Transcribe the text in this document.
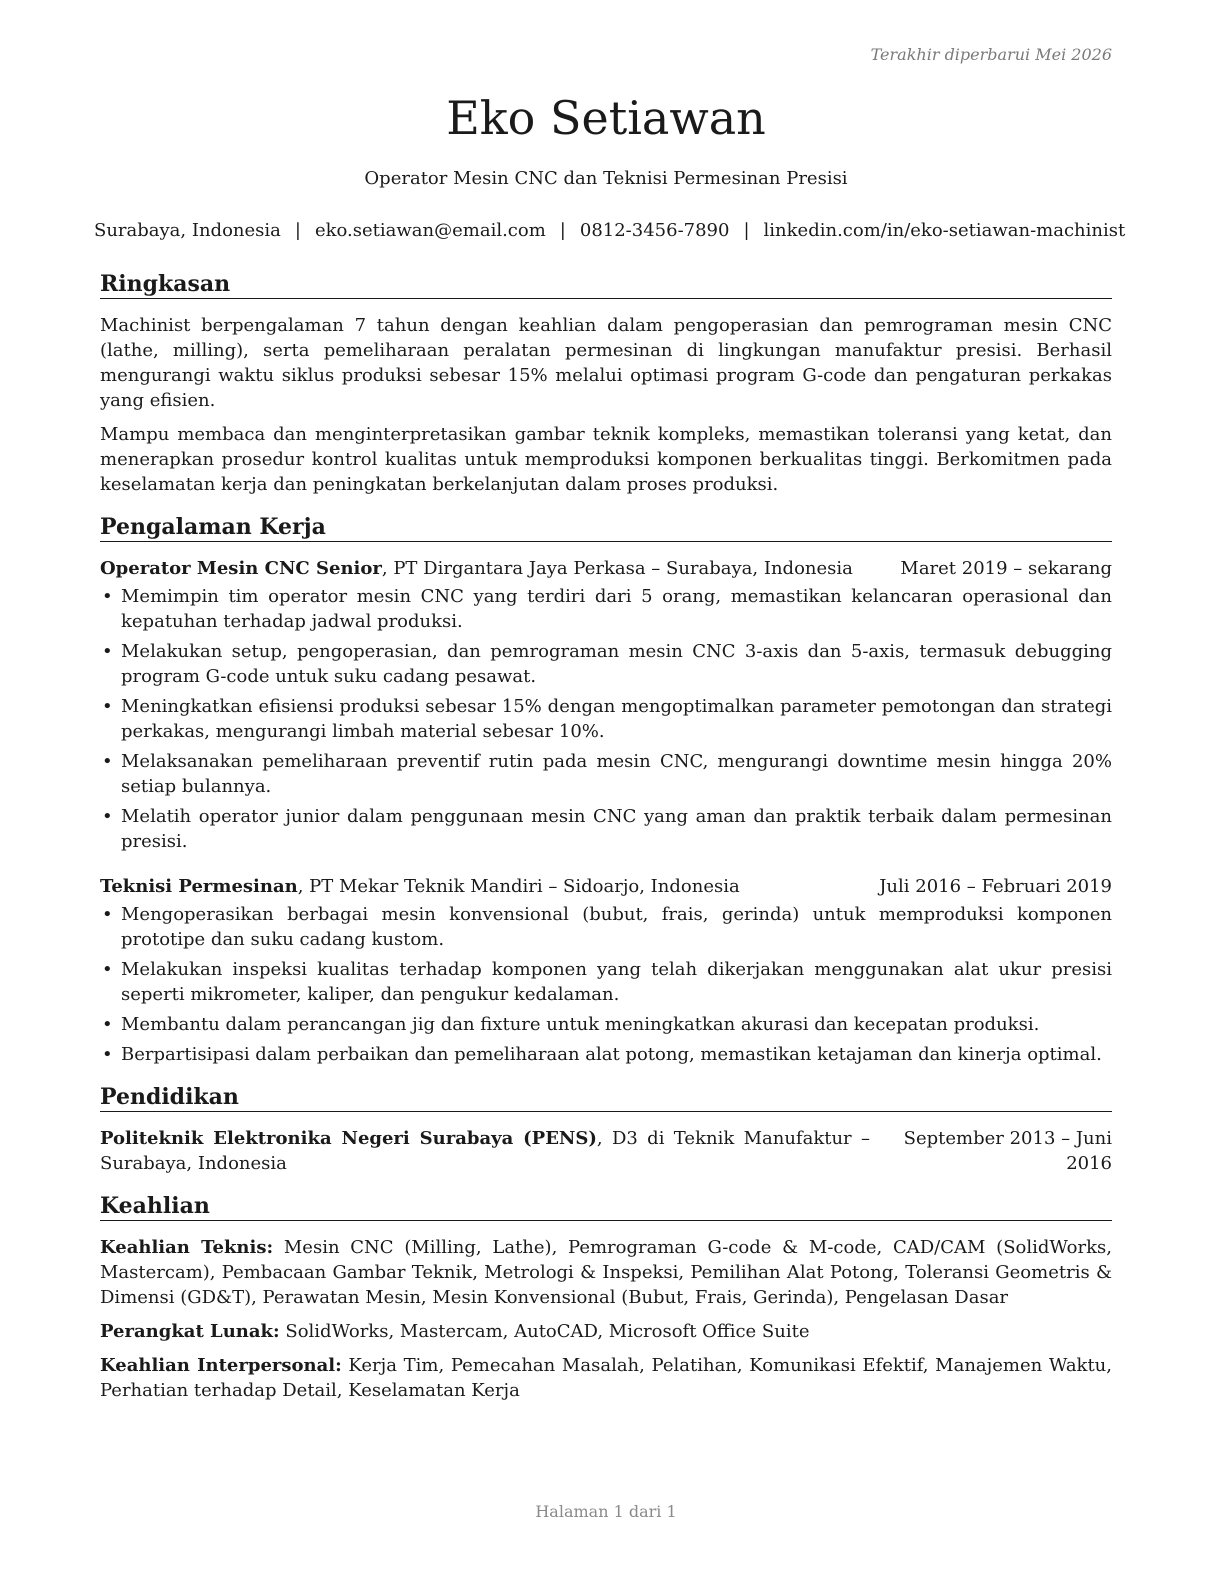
Terakhir diperbarui Mei 2026
Eko Setiawan
Operator Mesin CNC dan Teknisi Permesinan Presisi
Surabaya, Indonesia | eko.setiawan@email.com | 0812-3456-7890 | linkedin.com/in/eko-setiawan-machinist
Ringkasan

Machinist berpengalaman 7 tahun dengan keahlian dalam pengoperasian dan pemrograman mesin CNC (lathe, milling), serta pemeliharaan peralatan permesinan di lingkungan manufaktur presisi. Berhasil mengurangi waktu siklus produksi sebesar 15% melalui optimasi program G-code dan pengaturan perkakas yang efisien.

Mampu membaca dan menginterpretasikan gambar teknik kompleks, memastikan toleransi yang ketat, dan menerapkan prosedur kontrol kualitas untuk memproduksi komponen berkualitas tinggi. Berkomitmen pada keselamatan kerja dan peningkatan berkelanjutan dalam proses produksi.

Pengalaman Kerja
Operator Mesin CNC Senior, PT Dirgantara Jaya Perkasa – Surabaya, Indonesia	Maret 2019 – sekarang
• Memimpin tim operator mesin CNC yang terdiri dari 5 orang, memastikan kelancaran operasional dan kepatuhan terhadap jadwal produksi.
• Melakukan setup, pengoperasian, dan pemrograman mesin CNC 3-axis dan 5-axis, termasuk debugging program G-code untuk suku cadang pesawat.
• Meningkatkan efisiensi produksi sebesar 15% dengan mengoptimalkan parameter pemotongan dan strategi perkakas, mengurangi limbah material sebesar 10%.
• Melaksanakan pemeliharaan preventif rutin pada mesin CNC, mengurangi downtime mesin hingga 20% setiap bulannya.
• Melatih operator junior dalam penggunaan mesin CNC yang aman dan praktik terbaik dalam permesinan presisi.
Teknisi Permesinan, PT Mekar Teknik Mandiri – Sidoarjo, Indonesia	Juli 2016 – Februari 2019
• Mengoperasikan berbagai mesin konvensional (bubut, frais, gerinda) untuk memproduksi komponen prototipe dan suku cadang kustom.
• Melakukan inspeksi kualitas terhadap komponen yang telah dikerjakan menggunakan alat ukur presisi seperti mikrometer, kaliper, dan pengukur kedalaman.
• Membantu dalam perancangan jig dan fixture untuk meningkatkan akurasi dan kecepatan produksi.
• Berpartisipasi dalam perbaikan dan pemeliharaan alat potong, memastikan ketajaman dan kinerja optimal.
Pendidikan
Politeknik Elektronika Negeri Surabaya (PENS), D3 di Teknik Manufaktur – Surabaya, Indonesia
September 2013 – Juni 2016
Keahlian

Keahlian Teknis: Mesin CNC (Milling, Lathe), Pemrograman G-code & M-code, CAD/CAM (SolidWorks, Mastercam), Pembacaan Gambar Teknik, Metrologi & Inspeksi, Pemilihan Alat Potong, Toleransi Geometris & Dimensi (GD&T), Perawatan Mesin, Mesin Konvensional (Bubut, Frais, Gerinda), Pengelasan Dasar

Perangkat Lunak: SolidWorks, Mastercam, AutoCAD, Microsoft Office Suite

Keahlian Interpersonal: Kerja Tim, Pemecahan Masalah, Pelatihan, Komunikasi Efektif, Manajemen Waktu, Perhatian terhadap Detail, Keselamatan Kerja

Halaman 1 dari 1
